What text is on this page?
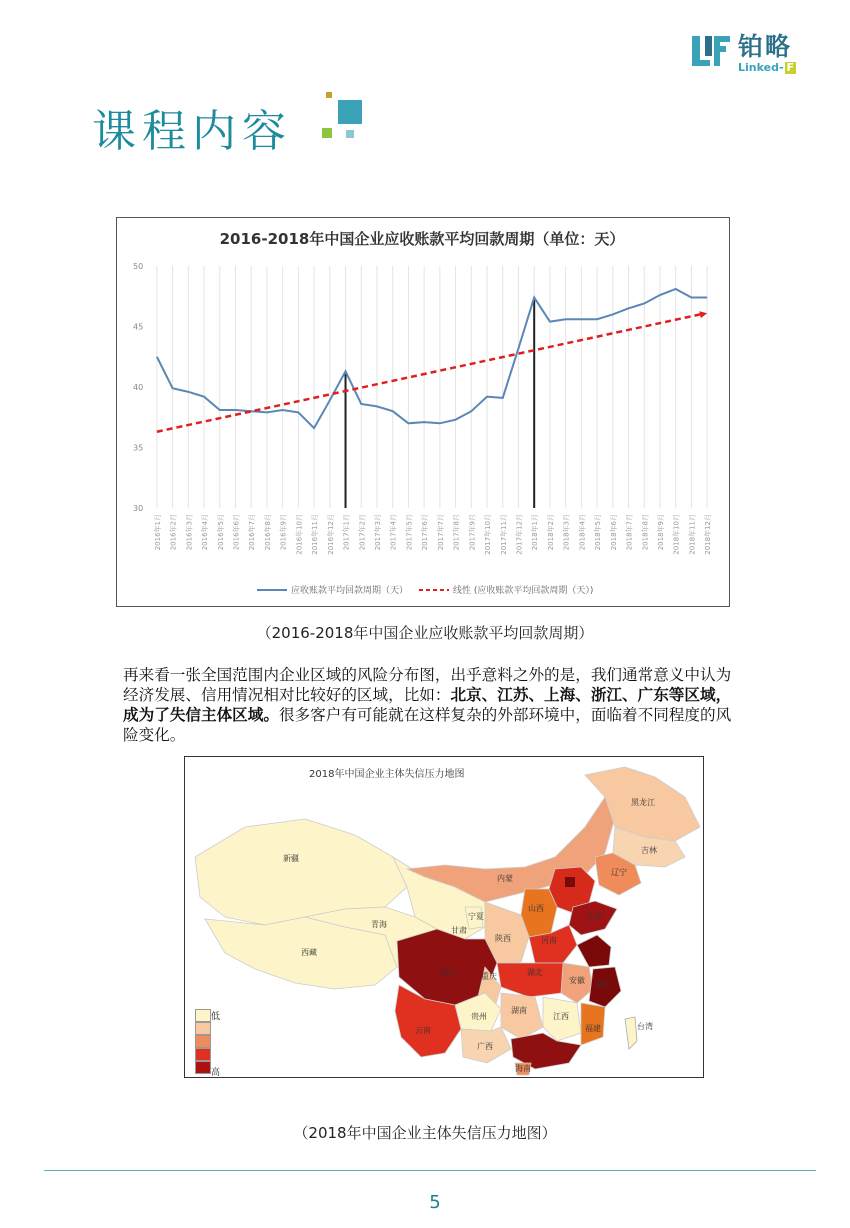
铂略
Linked- F
课程内容
2016-2018年中国企业应收账款平均回款周期（单位：天）
30
35
40
45
50
2016年1月 2016年2月 2016年3月 2016年4月 2016年5月 2016年6月 2016年7月 2016年8月 2016年9月 2016年10月 2016年11月 2016年12月 2017年1月 2017年2月 2017年3月 2017年4月 2017年5月 2017年6月 2017年7月 2017年8月 2017年9月 2017年10月 2017年11月 2017年12月 2018年1月 2018年2月 2018年3月 2018年4月 2018年5月 2018年6月 2018年7月 2018年8月 2018年9月 2018年10月 2018年11月 2018年12月
应收账款平均回款周期（天）	线性 (应收账款平均回款周期（天）)
（2016-2018年中国企业应收账款平均回款周期）
再来看一张全国范围内企业区域的风险分布图，出乎意料之外的是，我们通常意义中认为经济发展、信用情况相对比较好的区域，比如：北京、江苏、上海、浙江、广东等区域，成为了失信主体区域。很多客户有可能就在这样复杂的外部环境中，面临着不同程度的风险变化。
2018年中国企业主体失信压力地图
黑龙江
吉林
辽宁
内蒙
新疆
青海
西藏
甘肃
宁夏
山西
陕西	河南
山东
四川	重庆	湖北
安徽 浙江
贵州
湖南
江西
福建
云南
广西
台湾
海南
低
高
（2018年中国企业主体失信压力地图）
5
